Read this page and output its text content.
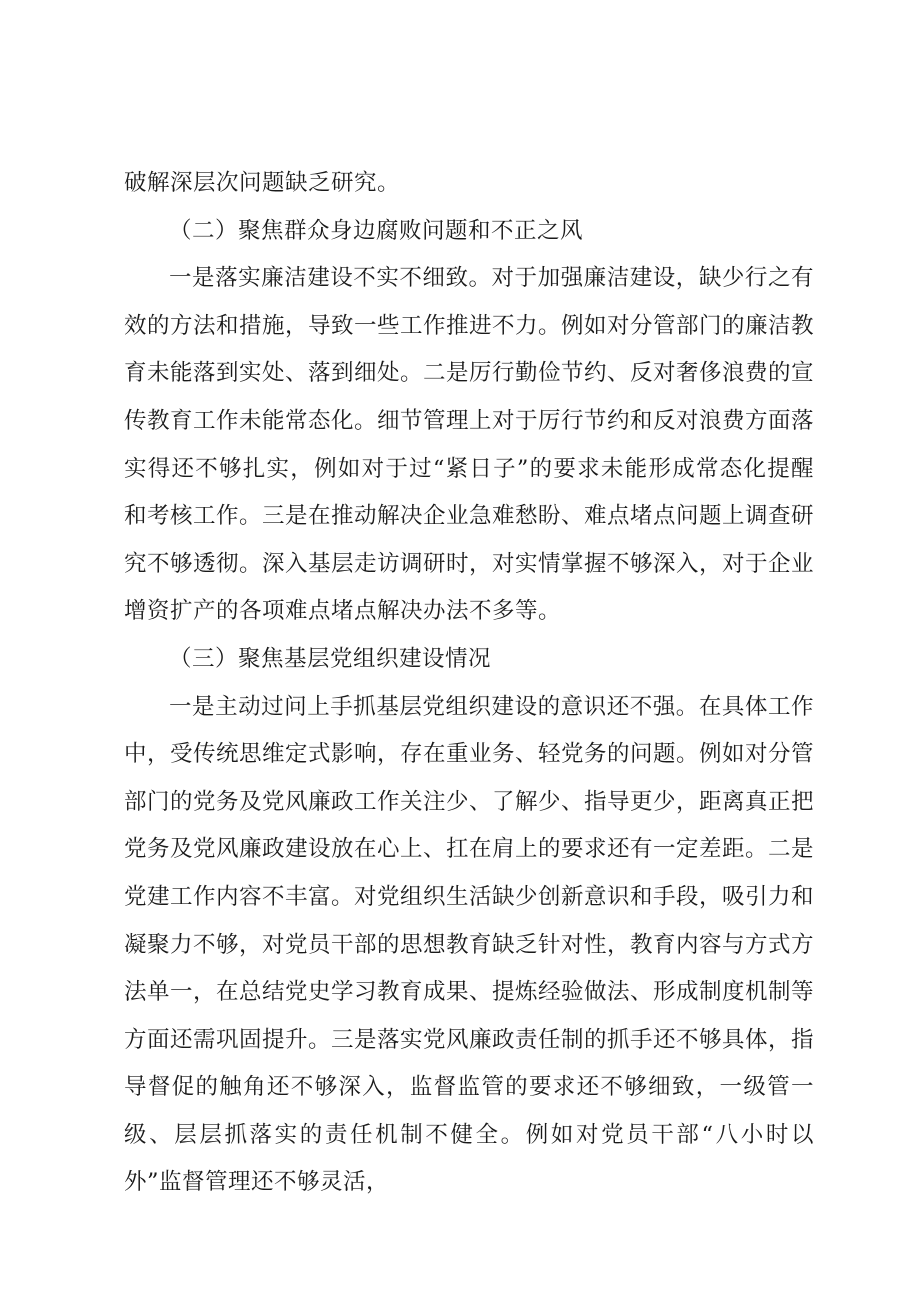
破解深层次问题缺乏研究。

（二）聚焦群众身边腐败问题和不正之风

一是落实廉洁建设不实不细致。对于加强廉洁建设，缺少行之有效的方法和措施，导致一些工作推进不力。例如对分管部门的廉洁教育未能落到实处、落到细处。二是厉行勤俭节约、反对奢侈浪费的宣传教育工作未能常态化。细节管理上对于厉行节约和反对浪费方面落实得还不够扎实，例如对于过“紧日子”的要求未能形成常态化提醒和考核工作。三是在推动解决企业急难愁盼、难点堵点问题上调查研究不够透彻。深入基层走访调研时，对实情掌握不够深入，对于企业增资扩产的各项难点堵点解决办法不多等。

（三）聚焦基层党组织建设情况

一是主动过问上手抓基层党组织建设的意识还不强。在具体工作中，受传统思维定式影响，存在重业务、轻党务的问题。例如对分管部门的党务及党风廉政工作关注少、了解少、指导更少，距离真正把党务及党风廉政建设放在心上、扛在肩上的要求还有一定差距。二是党建工作内容不丰富。对党组织生活缺少创新意识和手段，吸引力和凝聚力不够，对党员干部的思想教育缺乏针对性，教育内容与方式方法单一，在总结党史学习教育成果、提炼经验做法、形成制度机制等方面还需巩固提升。三是落实党风廉政责任制的抓手还不够具体，指导督促的触角还不够深入，监督监管的要求还不够细致，一级管一级、层层抓落实的责任机制不健全。例如对党员干部“八小时以外”监督管理还不够灵活，
